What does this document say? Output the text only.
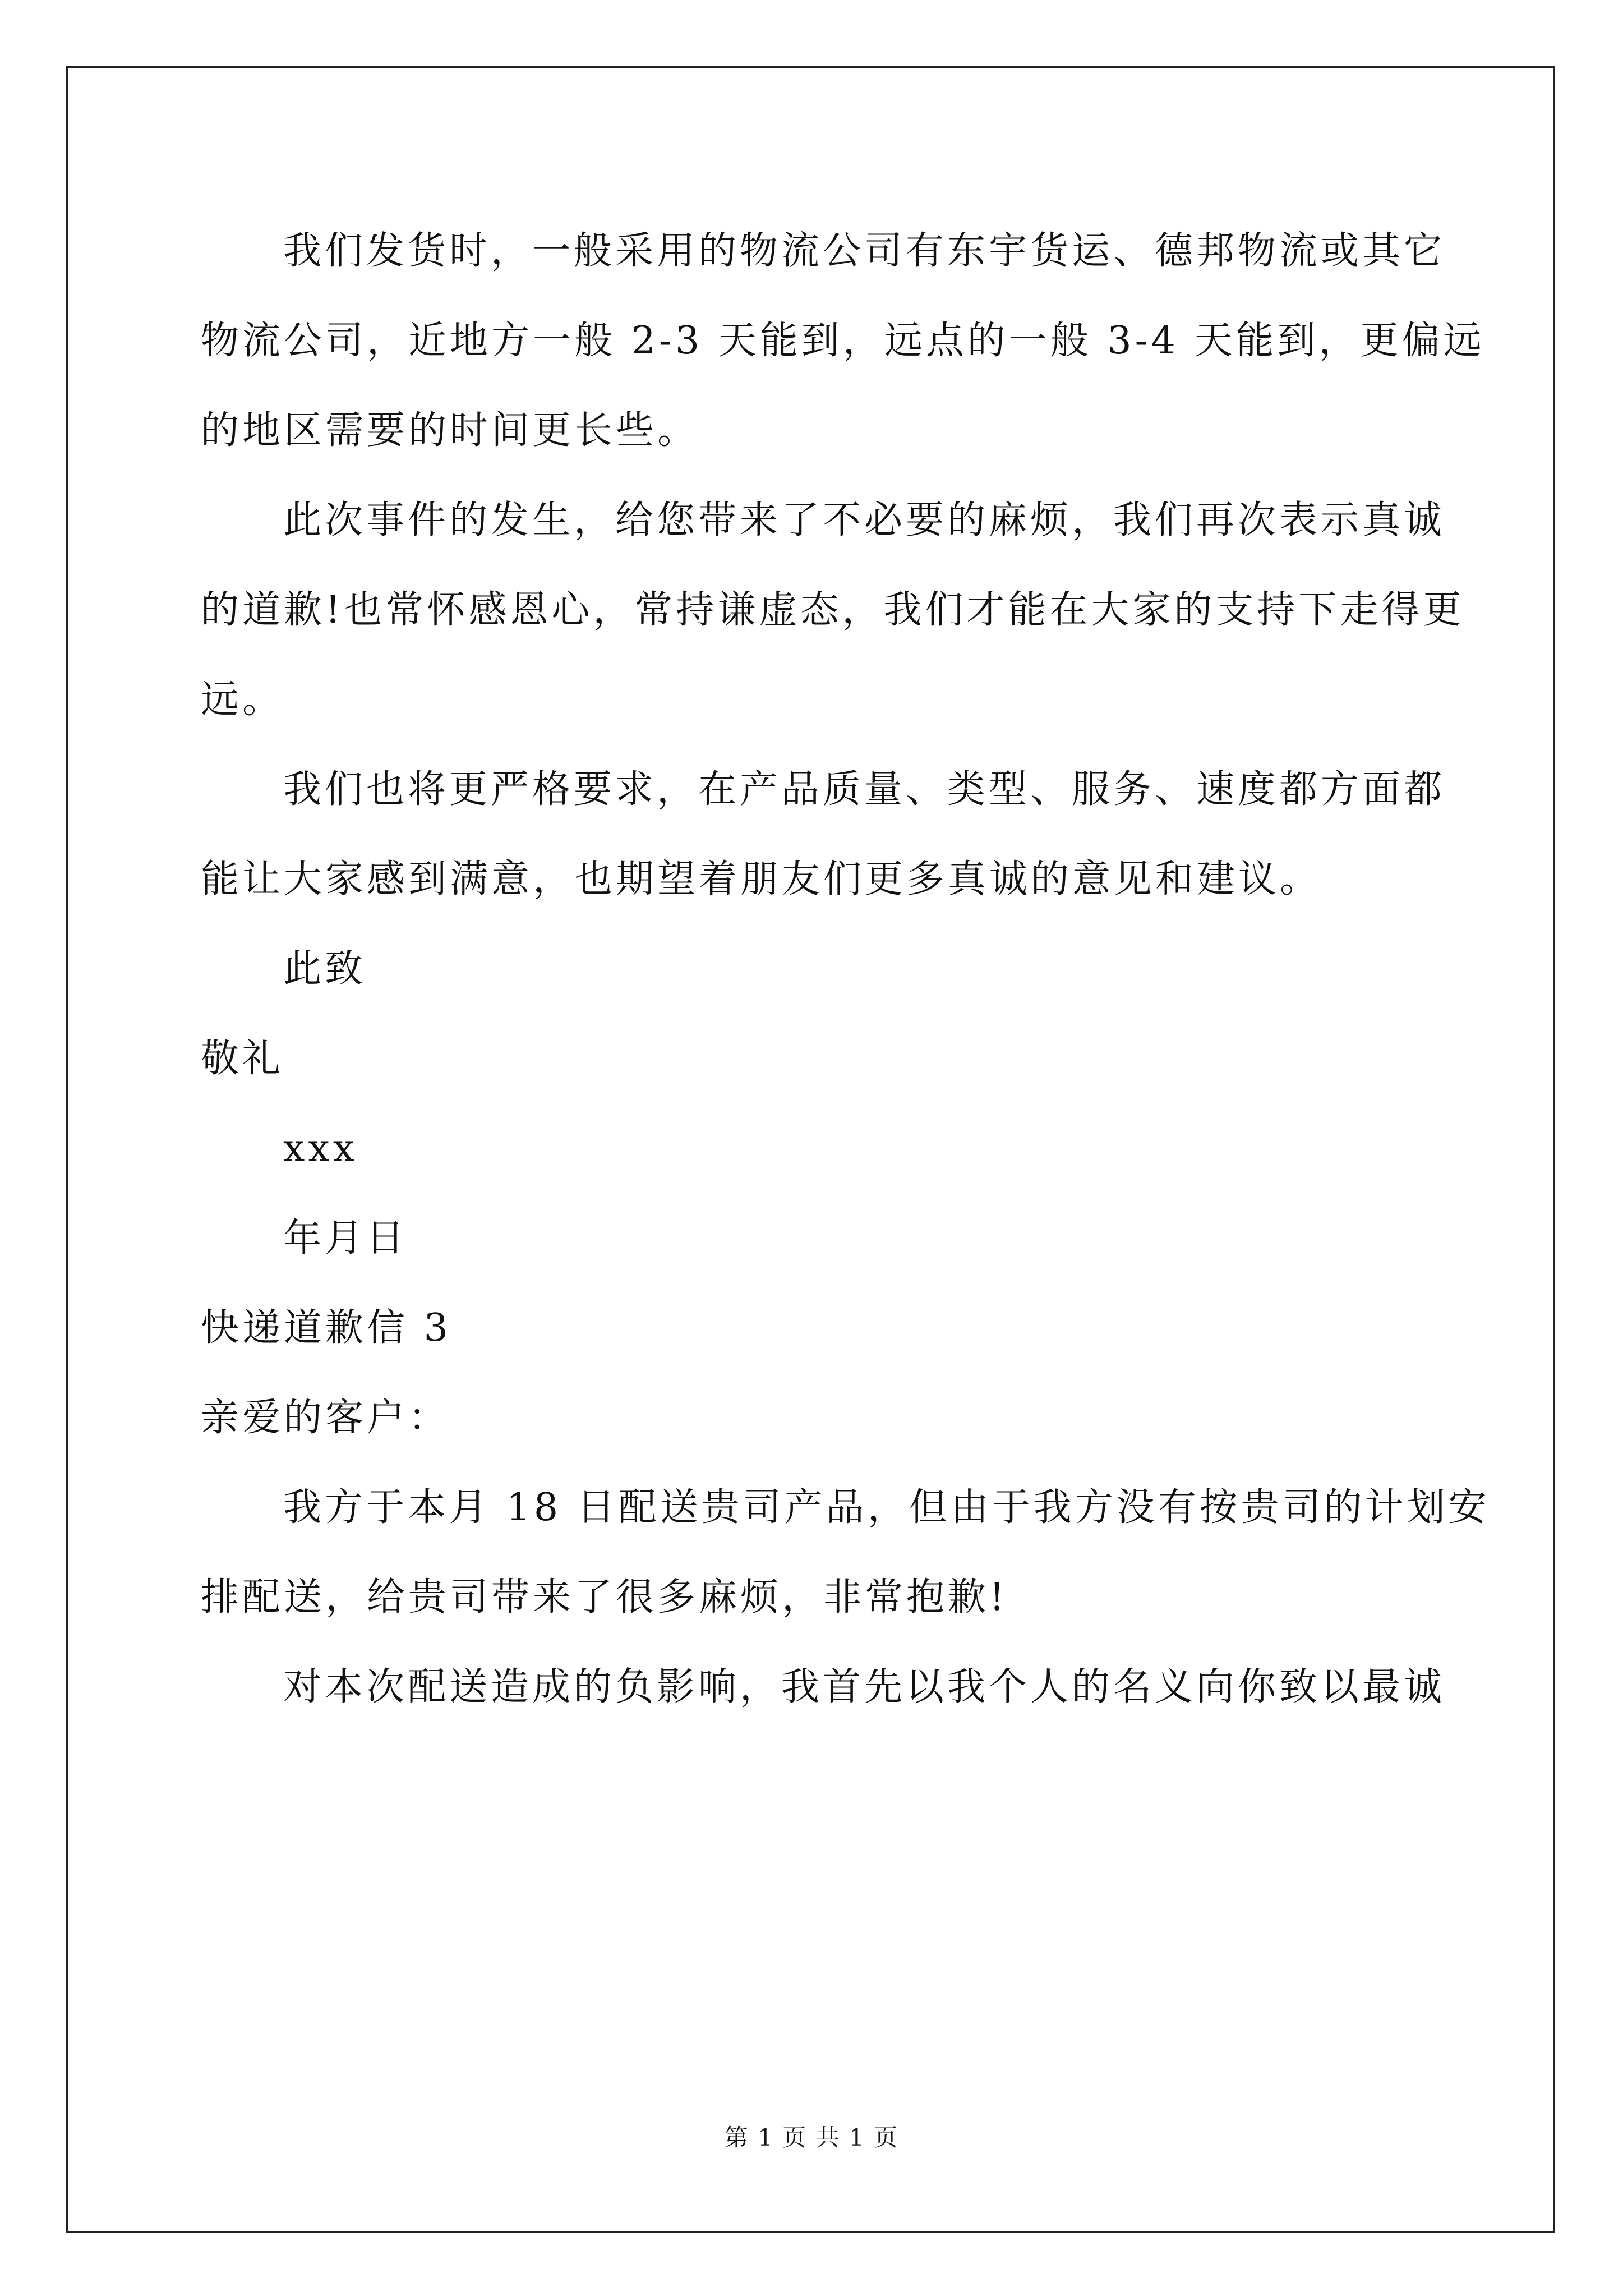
我们发货时，一般采用的物流公司有东宇货运、德邦物流或其它
物流公司，近地方一般 2-3 天能到，远点的一般 3-4 天能到，更偏远
的地区需要的时间更长些。
此次事件的发生，给您带来了不必要的麻烦，我们再次表示真诚
的道歉!也常怀感恩心，常持谦虚态，我们才能在大家的支持下走得更
远。
我们也将更严格要求，在产品质量、类型、服务、速度都方面都
能让大家感到满意，也期望着朋友们更多真诚的意见和建议。
此致
敬礼
xxx
年月日
快递道歉信 3
亲爱的客户：
我方于本月 18 日配送贵司产品，但由于我方没有按贵司的计划安
排配送，给贵司带来了很多麻烦，非常抱歉!
对本次配送造成的负影响，我首先以我个人的名义向你致以最诚
第 1 页 共 1 页
